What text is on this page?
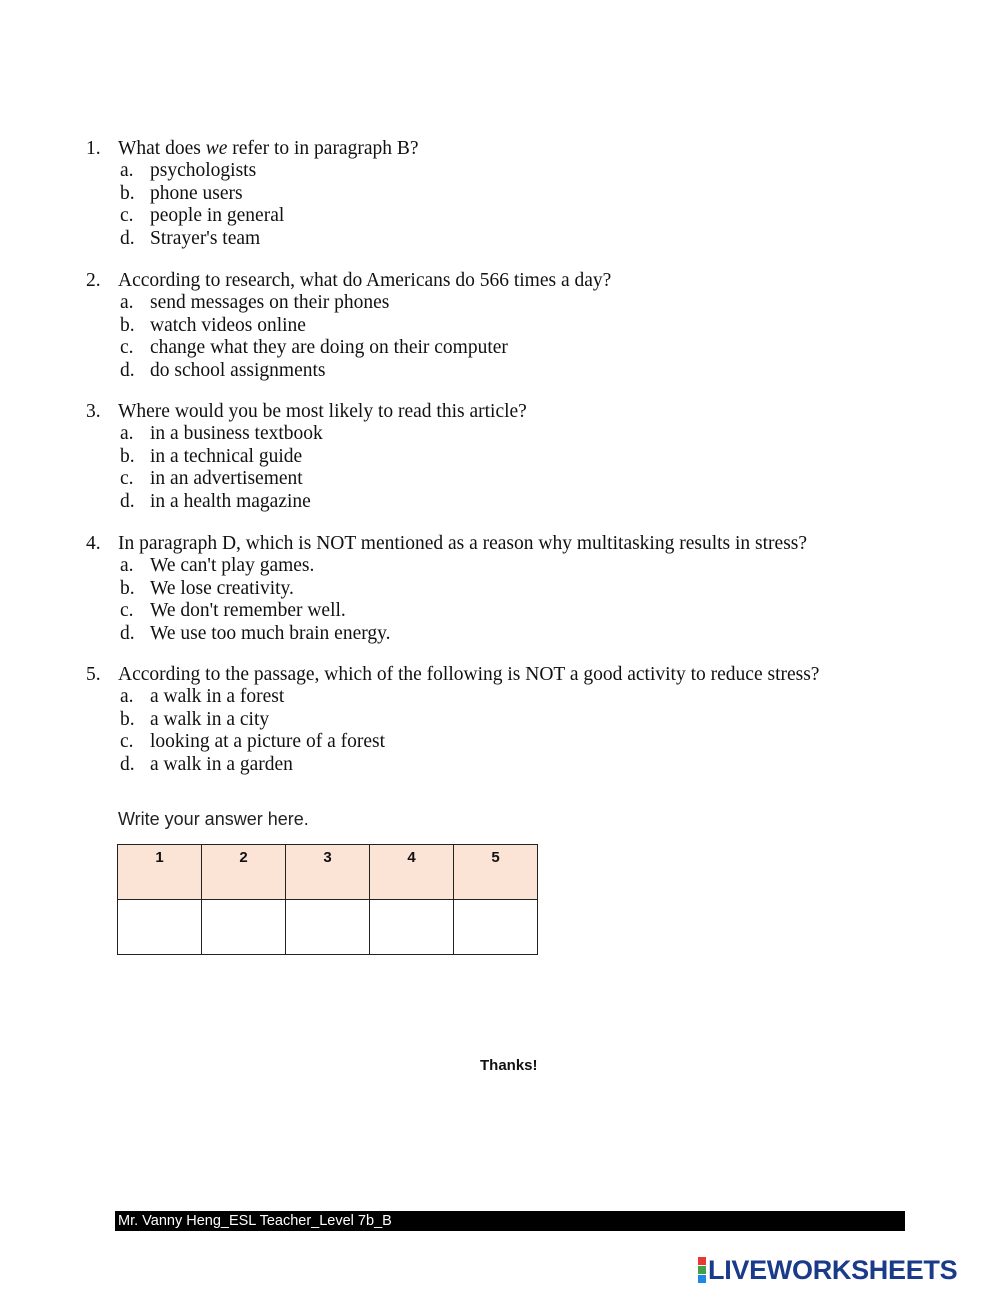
1. What does we refer to in paragraph B?
a. psychologists
b. phone users
c. people in general
d. Strayer's team
2. According to research, what do Americans do 566 times a day?
a. send messages on their phones
b. watch videos online
c. change what they are doing on their computer
d. do school assignments
3. Where would you be most likely to read this article?
a. in a business textbook
b. in a technical guide
c. in an advertisement
d. in a health magazine
4. In paragraph D, which is NOT mentioned as a reason why multitasking results in stress?
a. We can't play games.
b. We lose creativity.
c. We don't remember well.
d. We use too much brain energy.
5. According to the passage, which of the following is NOT a good activity to reduce stress?
a. a walk in a forest
b. a walk in a city
c. looking at a picture of a forest
d. a walk in a garden
Write your answer here.
1	2	3	4	5

Thanks!
Mr. Vanny Heng_ESL Teacher_Level 7b_B
LIVEWORKSHEETS
